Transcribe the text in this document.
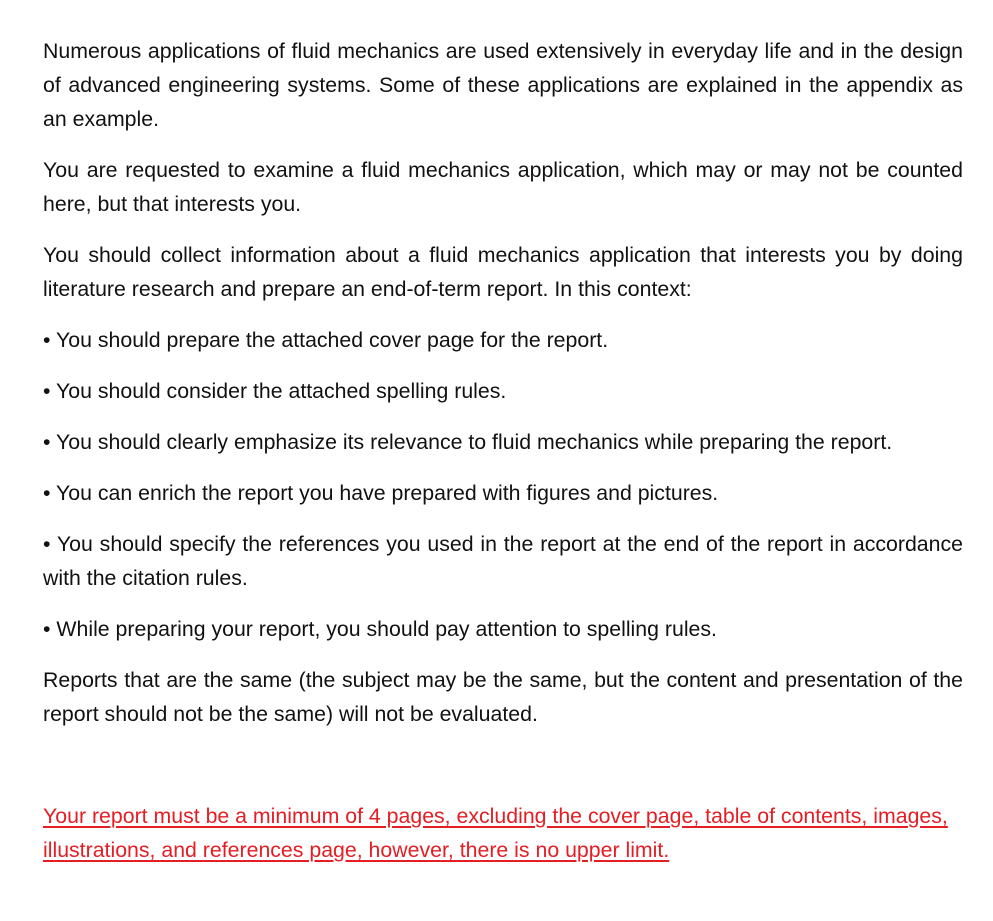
Numerous applications of fluid mechanics are used extensively in everyday life and in the design of advanced engineering systems. Some of these applications are explained in the appendix as an example.

You are requested to examine a fluid mechanics application, which may or may not be counted here, but that interests you.

You should collect information about a fluid mechanics application that interests you by doing literature research and prepare an end-of-term report. In this context:

• You should prepare the attached cover page for the report.

• You should consider the attached spelling rules.

• You should clearly emphasize its relevance to fluid mechanics while preparing the report.

• You can enrich the report you have prepared with figures and pictures.

• You should specify the references you used in the report at the end of the report in accordance with the citation rules.

• While preparing your report, you should pay attention to spelling rules.

Reports that are the same (the subject may be the same, but the content and presentation of the report should not be the same) will not be evaluated.

Your report must be a minimum of 4 pages, excluding the cover page, table of contents, images, illustrations, and references page, however, there is no upper limit.
